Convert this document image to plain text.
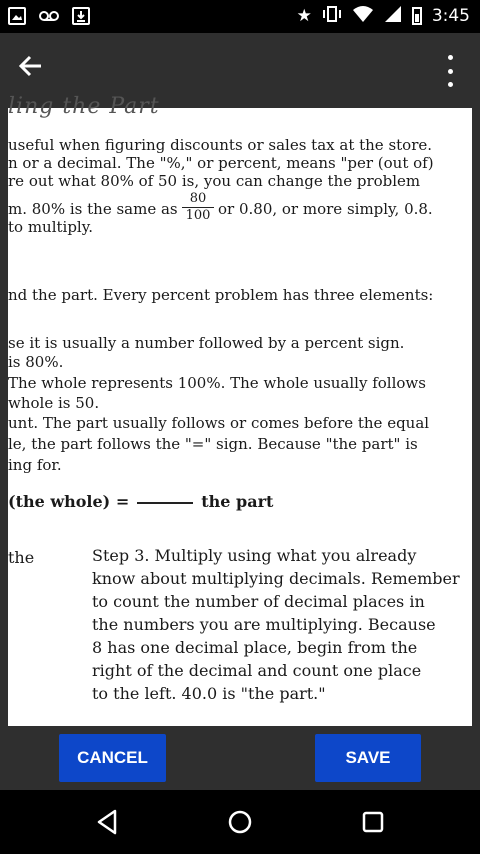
★	3:45
ling the Part
useful when figuring discounts or sales tax at the store.
n or a decimal. The "%," or percent, means "per (out of)
re out what 80% of 50 is, you can change the problem
m. 80% is the same as
80
100 or 0.80, or more simply, 0.8.
to multiply.
nd the part. Every percent problem has three elements:
se it is usually a number followed by a percent sign.
is 80%.
The whole represents 100%. The whole usually follows
whole is 50.
unt. The part usually follows or comes before the equal
le, the part follows the "=" sign. Because "the part" is
ing for.
(the whole) =	the part
the	Step 3. Multiply using what you already
know about multiplying decimals. Remember
to count the number of decimal places in
the numbers you are multiplying. Because
8 has one decimal place, begin from the
right of the decimal and count one place
to the left. 40.0 is "the part."
CANCEL	SAVE
